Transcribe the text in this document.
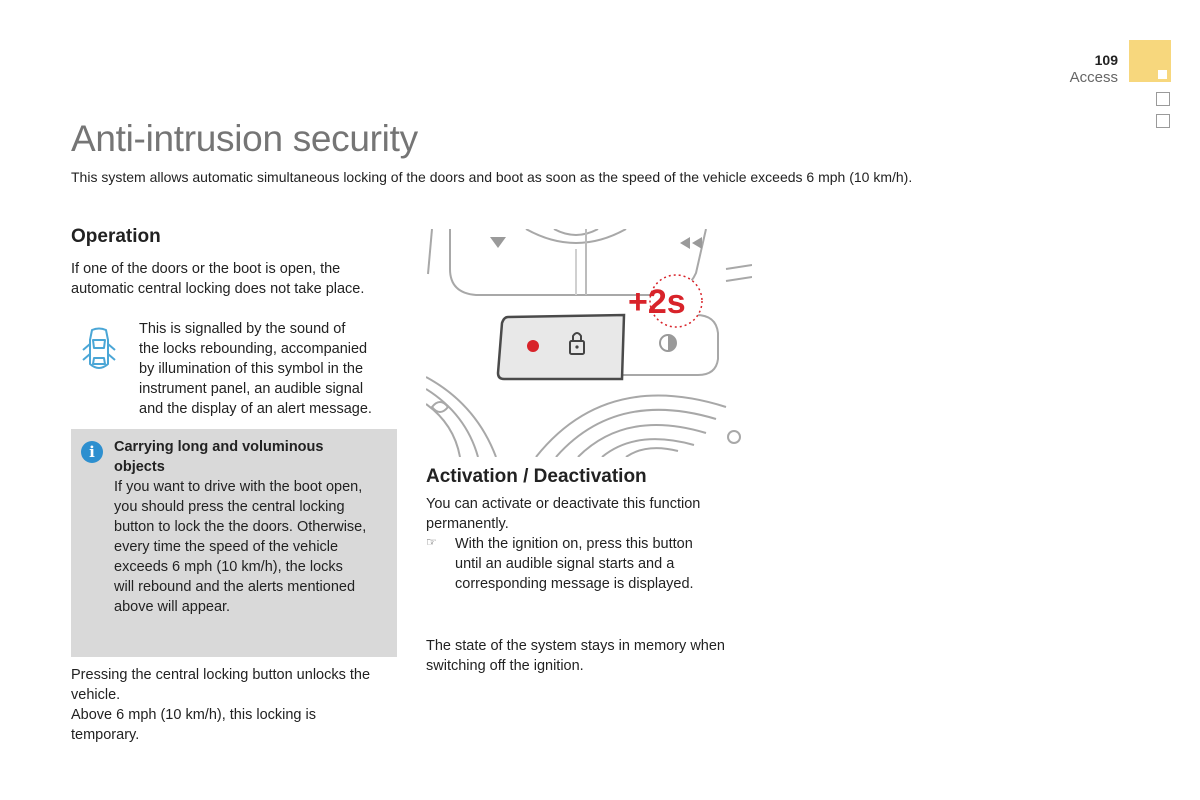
109
Access
Anti-intrusion security
This system allows automatic simultaneous locking of the doors and boot as soon as the speed of the vehicle exceeds 6 mph (10 km/h).
Operation
If one of the doors or the boot is open, the
automatic central locking does not take place.
This is signalled by the sound of
the locks rebounding, accompanied
by illumination of this symbol in the
instrument panel, an audible signal
and the display of an alert message.
i	Carrying long and voluminous
objects
If you want to drive with the boot open,
you should press the central locking
button to lock the the doors. Otherwise,
every time the speed of the vehicle
exceeds 6 mph (10 km/h), the locks
will rebound and the alerts mentioned
above will appear.
Pressing the central locking button unlocks the
vehicle.
Above 6 mph (10 km/h), this locking is
temporary.
+2s
Activation / Deactivation
You can activate or deactivate this function
permanently.
☞ With the ignition on, press this button
until an audible signal starts and a
corresponding message is displayed.
The state of the system stays in memory when
switching off the ignition.
